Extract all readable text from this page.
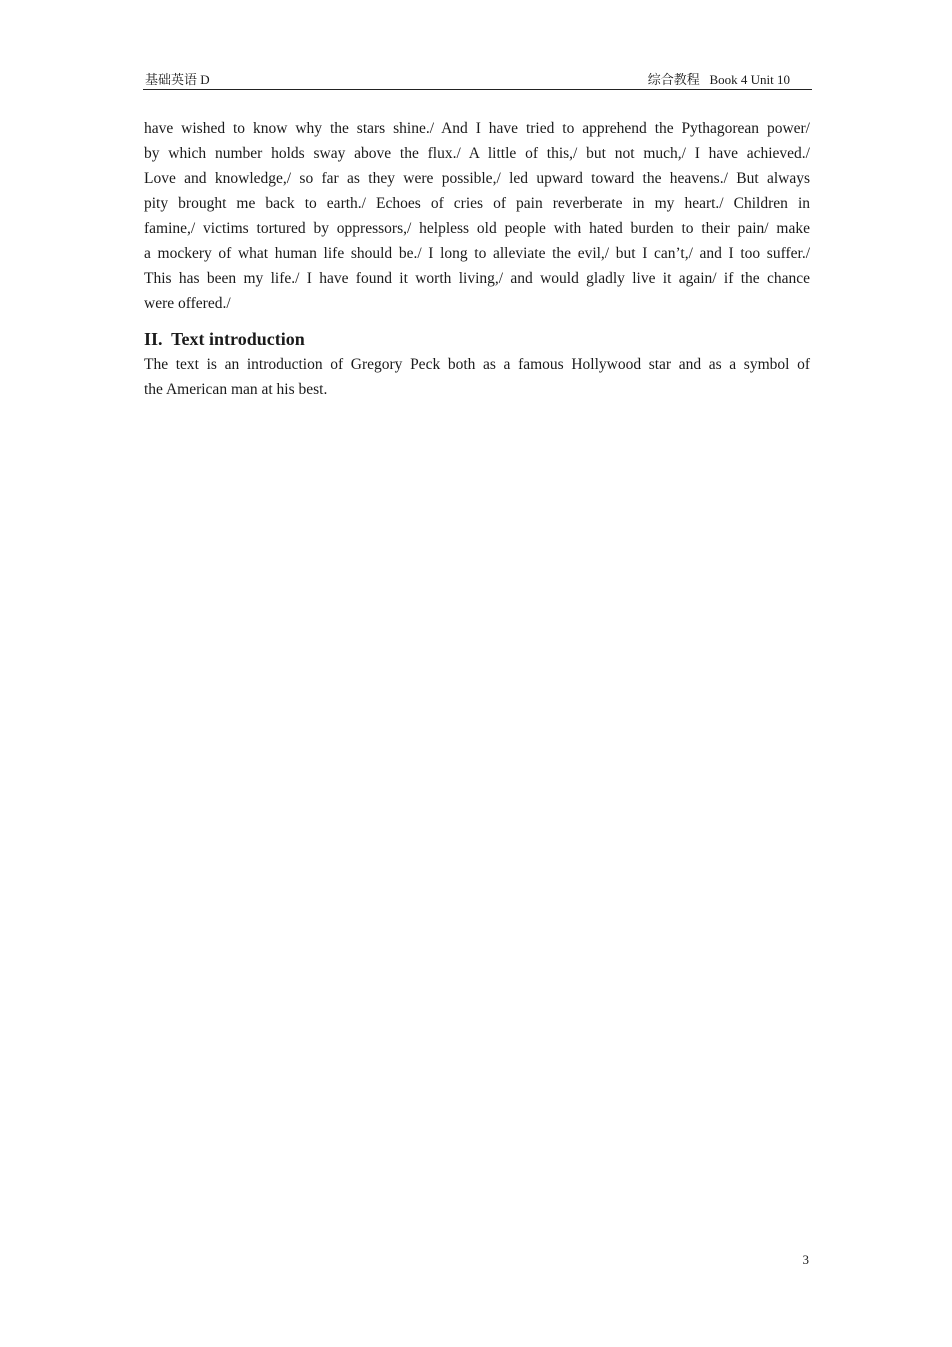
基础英语 D	综合教程   Book 4 Unit 10
have wished to know why the stars shine./ And I have tried to apprehend the Pythagorean power/
by which number holds sway above the flux./ A little of this,/ but not much,/ I have achieved./
Love and knowledge,/ so far as they were possible,/ led upward toward the heavens./ But always
pity brought me back to earth./ Echoes of cries of pain reverberate in my heart./ Children in
famine,/ victims tortured by oppressors,/ helpless old people with hated burden to their pain/ make
a mockery of what human life should be./ I long to alleviate the evil,/ but I can’t,/ and I too suffer./
This has been my life./ I have found it worth living,/ and would gladly live it again/ if the chance
were offered./
II.  Text introduction
The text is an introduction of Gregory Peck both as a famous Hollywood star and as a symbol of
the American man at his best.
3
